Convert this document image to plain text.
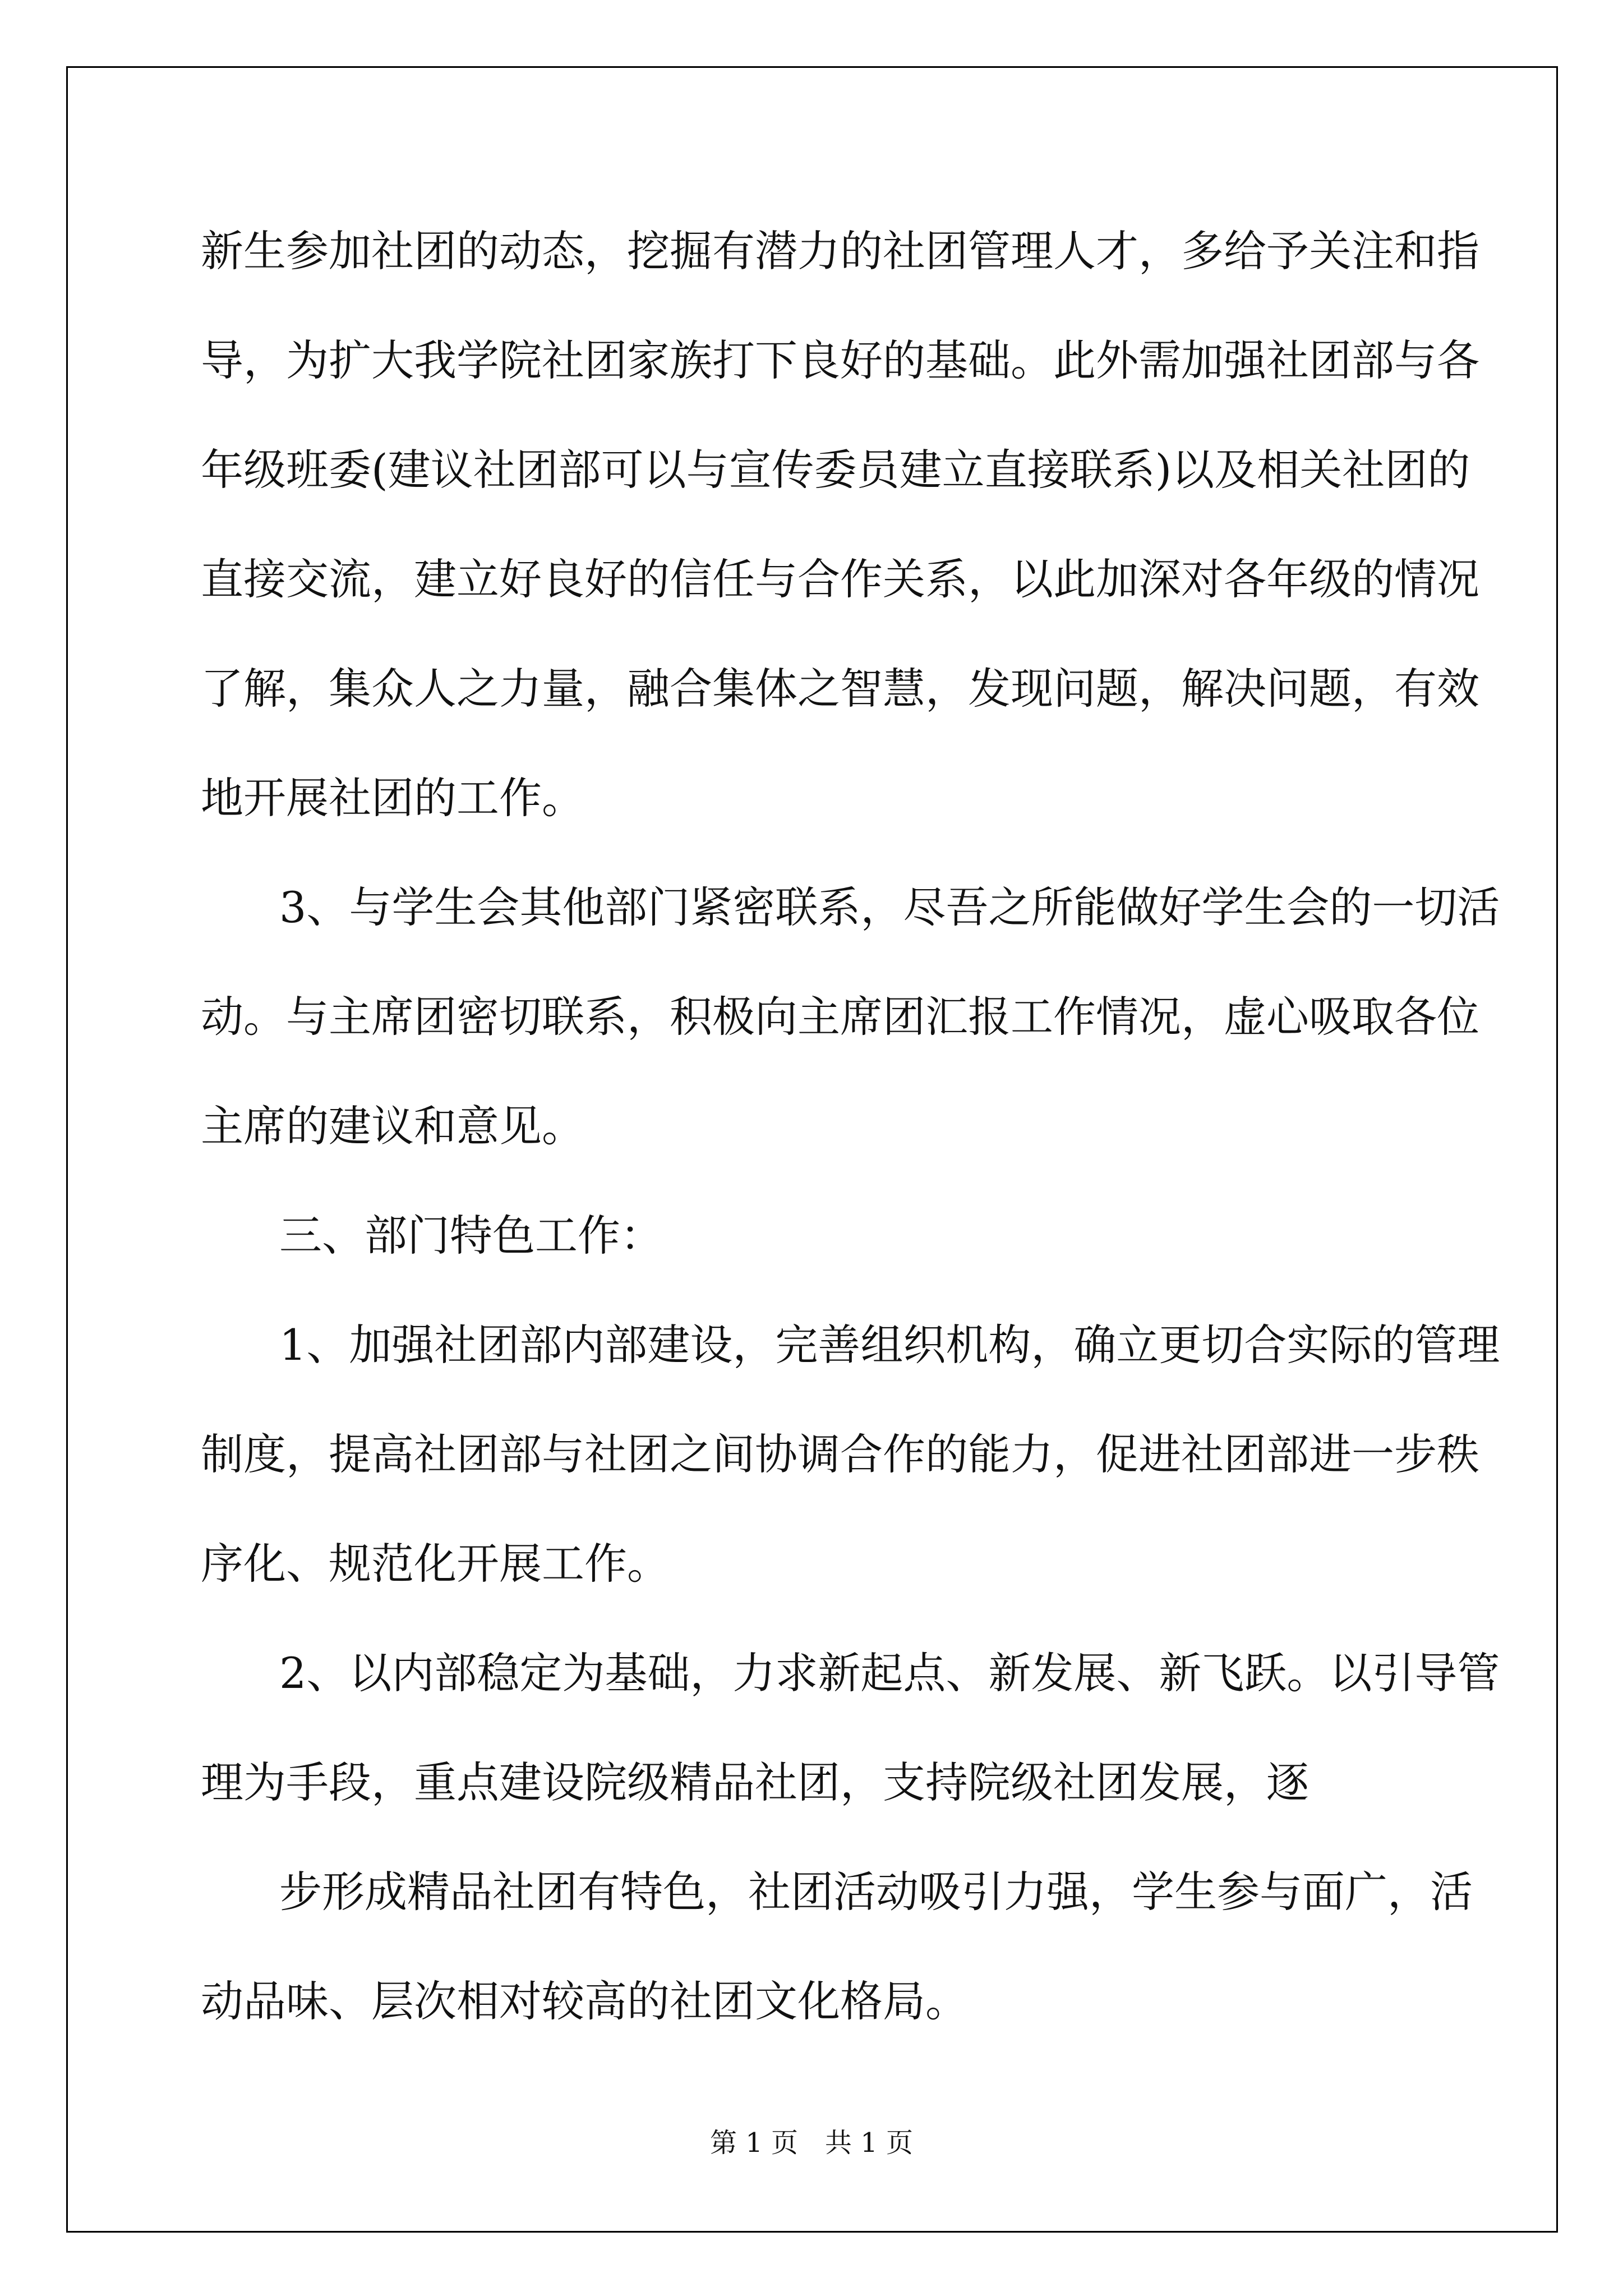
新生参加社团的动态，挖掘有潜力的社团管理人才，多给予关注和指
导，为扩大我学院社团家族打下良好的基础。此外需加强社团部与各
年级班委(建议社团部可以与宣传委员建立直接联系)以及相关社团的
直接交流，建立好良好的信任与合作关系，以此加深对各年级的情况
了解，集众人之力量，融合集体之智慧，发现问题，解决问题，有效
地开展社团的工作。
3、与学生会其他部门紧密联系，尽吾之所能做好学生会的一切活
动。与主席团密切联系，积极向主席团汇报工作情况，虚心吸取各位
主席的建议和意见。
三、部门特色工作：
1、加强社团部内部建设，完善组织机构，确立更切合实际的管理
制度，提高社团部与社团之间协调合作的能力，促进社团部进一步秩
序化、规范化开展工作。
2、以内部稳定为基础，力求新起点、新发展、新飞跃。以引导管
理为手段，重点建设院级精品社团，支持院级社团发展，逐
步形成精品社团有特色，社团活动吸引力强，学生参与面广，活
动品味、层次相对较高的社团文化格局。
第 1 页　共 1 页
